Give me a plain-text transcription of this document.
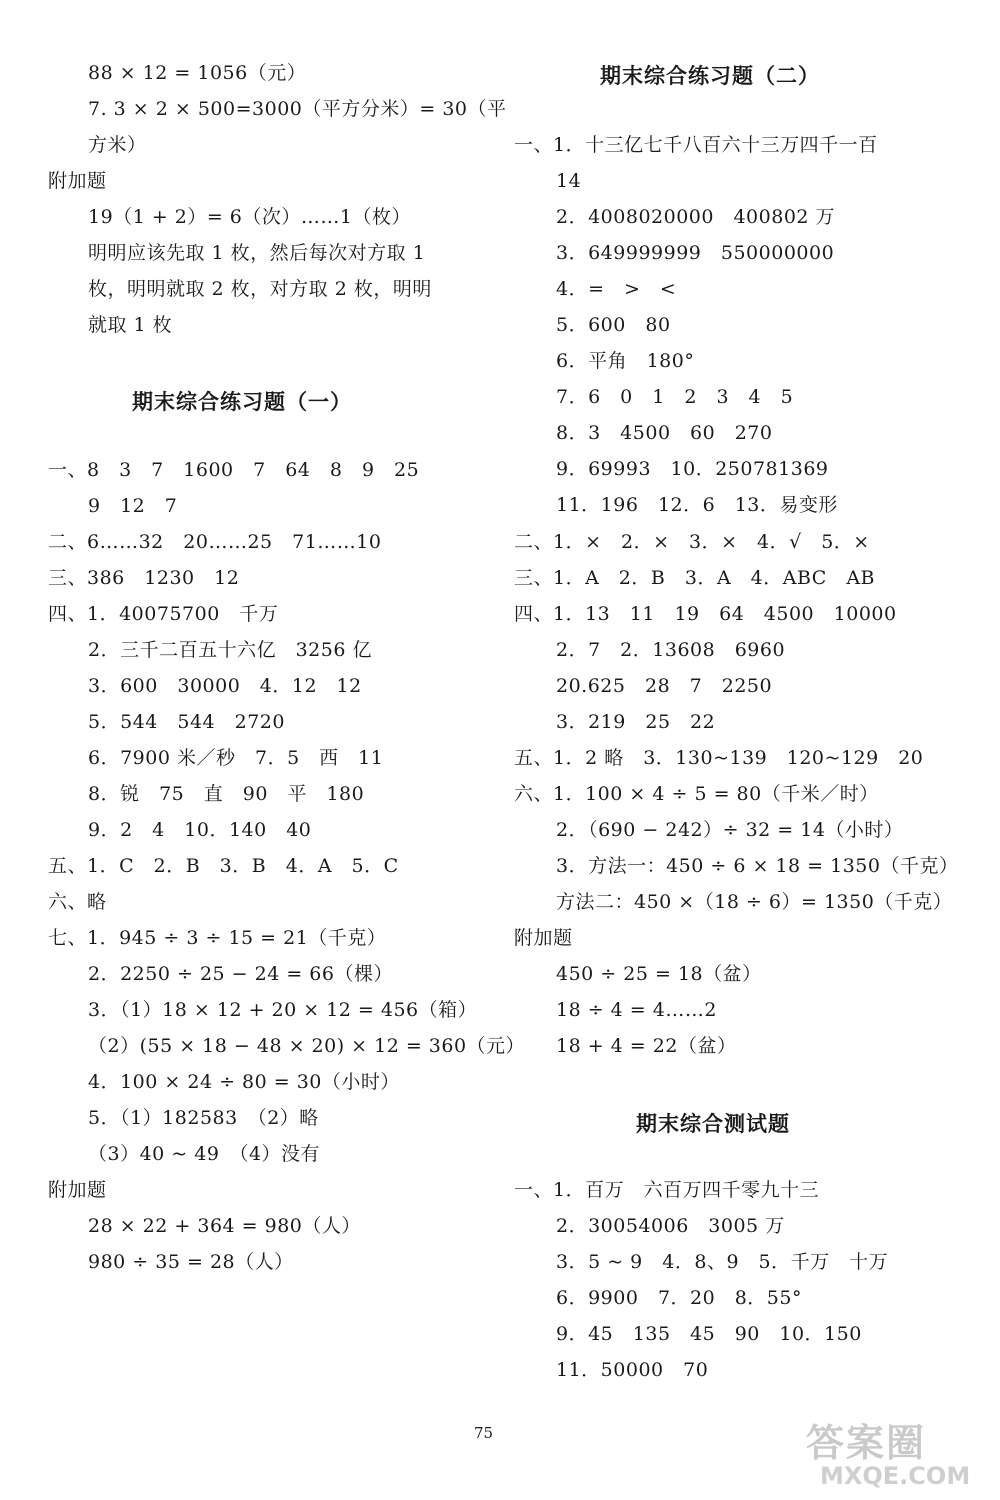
88 × 12 = 1056（元）
7. 3 × 2 × 500=3000（平方分米）= 30（平
方米）
附加题
19（1 + 2）= 6（次）……1（枚）
明明应该先取 1 枚，然后每次对方取 1
枚，明明就取 2 枚，对方取 2 枚，明明
就取 1 枚
期末综合练习题（一）
一、8　3　7　1600　7　64　8　9　25
9　12　7
二、6……32　20……25　71……10
三、386　1230　12
四、1．40075700　千万
2．三千二百五十六亿　3256 亿
3．600　30000　4．12　12
5．544　544　2720
6．7900 米／秒　7．5　西　11
8．锐　75　直　90　平　180
9．2　4　10．140　40
五、1．C　2．B　3．B　4．A　5．C
六、略
七、1．945 ÷ 3 ÷ 15 = 21（千克）
2．2250 ÷ 25 − 24 = 66（棵）
3．（1）18 × 12 + 20 × 12 = 456（箱）
（2）(55 × 18 − 48 × 20) × 12 = 360（元）
4．100 × 24 ÷ 80 = 30（小时）
5．（1）182583　（2）略
（3）40 ~ 49　（4）没有
附加题
28 × 22 + 364 = 980（人）
980 ÷ 35 = 28（人）
期末综合练习题（二）
一、1．十三亿七千八百六十三万四千一百
14
2．4008020000　400802 万
3．649999999　550000000
4．=　>　<
5．600　80
6．平角　180°
7．6　0　1　2　3　4　5
8．3　4500　60　270
9．69993　10．250781369
11．196　12．6　13．易变形
二、1．×　2．×　3．×　4．√　5．×
三、1．A　2．B　3．A　4．ABC　AB
四、1．13　11　19　64　4500　10000
2．7　2．13608　6960
20.625　28　7　2250
3．219　25　22
五、1．2 略　3．130~139　120~129　20
六、1．100 × 4 ÷ 5 = 80（千米／时）
2．（690 − 242）÷ 32 = 14（小时）
3．方法一：450 ÷ 6 × 18 = 1350（千克）
方法二：450 ×（18 ÷ 6）= 1350（千克）
附加题
450 ÷ 25 = 18（盆）
18 ÷ 4 = 4……2
18 + 4 = 22（盆）
期末综合测试题
一、1．百万　六百万四千零九十三
2．30054006　3005 万
3．5 ~ 9　4．8、9　5．千万　十万
6．9900　7．20　8．55°
9．45　135　45　90　10．150
11．50000　70
75	答案圈
MXQE.COM
